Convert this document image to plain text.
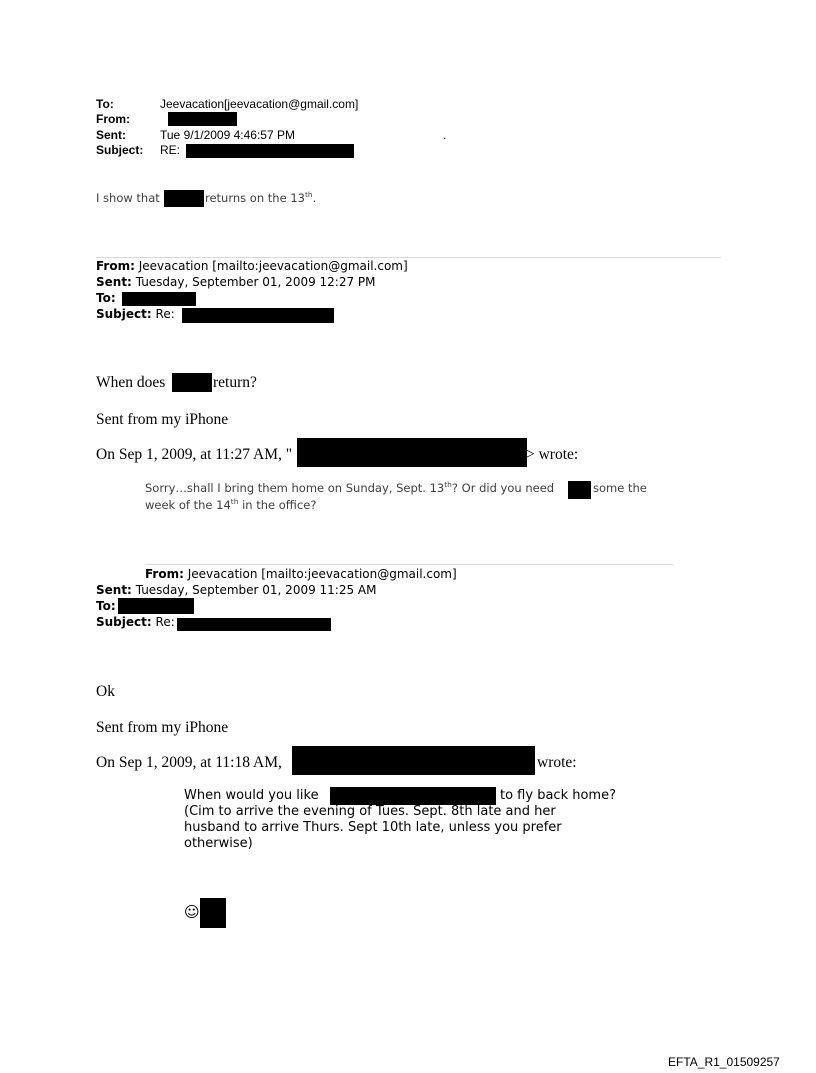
To:	Jeevacation[jeevacation@gmail.com]
From:
Sent:	Tue 9/1/2009 4:46:57 PM	.
Subject: RE:
I show that	returns on the 13th.
From: Jeevacation [mailto:jeevacation@gmail.com]
Sent: Tuesday, September 01, 2009 12:27 PM
To:
Subject: Re:
When does	return?
Sent from my iPhone
On Sep 1, 2009, at 11:27 AM, "	> wrote:
Sorry…shall I bring them home on Sunday, Sept. 13th? Or did you need	some the
week of the 14th in the office?
From: Jeevacation [mailto:jeevacation@gmail.com]
Sent: Tuesday, September 01, 2009 11:25 AM
To:
Subject: Re:
Ok
Sent from my iPhone
On Sep 1, 2009, at 11:18 AM,	wrote:
When would you like	to fly back home?
(Cim to arrive the evening of Tues. Sept. 8th late and her
husband to arrive Thurs. Sept 10th late, unless you prefer
otherwise)
☺
EFTA_R1_01509257
